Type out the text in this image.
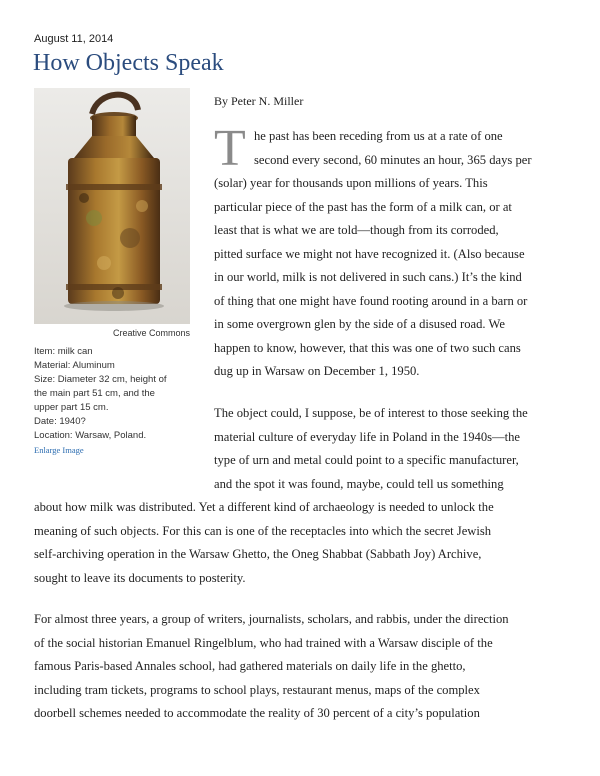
August 11, 2014
How Objects Speak
Creative Commons
Item: milk can
Material: Aluminum
Size: Diameter 32 cm, height of
the main part 51 cm, and the
upper part 15 cm.
Date: 1940?
Location: Warsaw, Poland.
Enlarge Image
By Peter N. Miller
T he past has been receding from us at a rate of one
second every second, 60 minutes an hour, 365 days per
(solar) year for thousands upon millions of years. This
particular piece of the past has the form of a milk can, or at
least that is what we are told—though from its corroded,
pitted surface we might not have recognized it. (Also because
in our world, milk is not delivered in such cans.) It’s the kind
of thing that one might have found rooting around in a barn or
in some overgrown glen by the side of a disused road. We
happen to know, however, that this was one of two such cans
dug up in Warsaw on December 1, 1950.
The object could, I suppose, be of interest to those seeking the
material culture of everyday life in Poland in the 1940s—the
type of urn and metal could point to a specific manufacturer,
and the spot it was found, maybe, could tell us something
about how milk was distributed. Yet a different kind of archaeology is needed to unlock the
meaning of such objects. For this can is one of the receptacles into which the secret Jewish
self-archiving operation in the Warsaw Ghetto, the Oneg Shabbat (Sabbath Joy) Archive,
sought to leave its documents to posterity.
For almost three years, a group of writers, journalists, scholars, and rabbis, under the direction
of the social historian Emanuel Ringelblum, who had trained with a Warsaw disciple of the
famous Paris-based Annales school, had gathered materials on daily life in the ghetto,
including tram tickets, programs to school plays, restaurant menus, maps of the complex
doorbell schemes needed to accommodate the reality of 30 percent of a city’s population
